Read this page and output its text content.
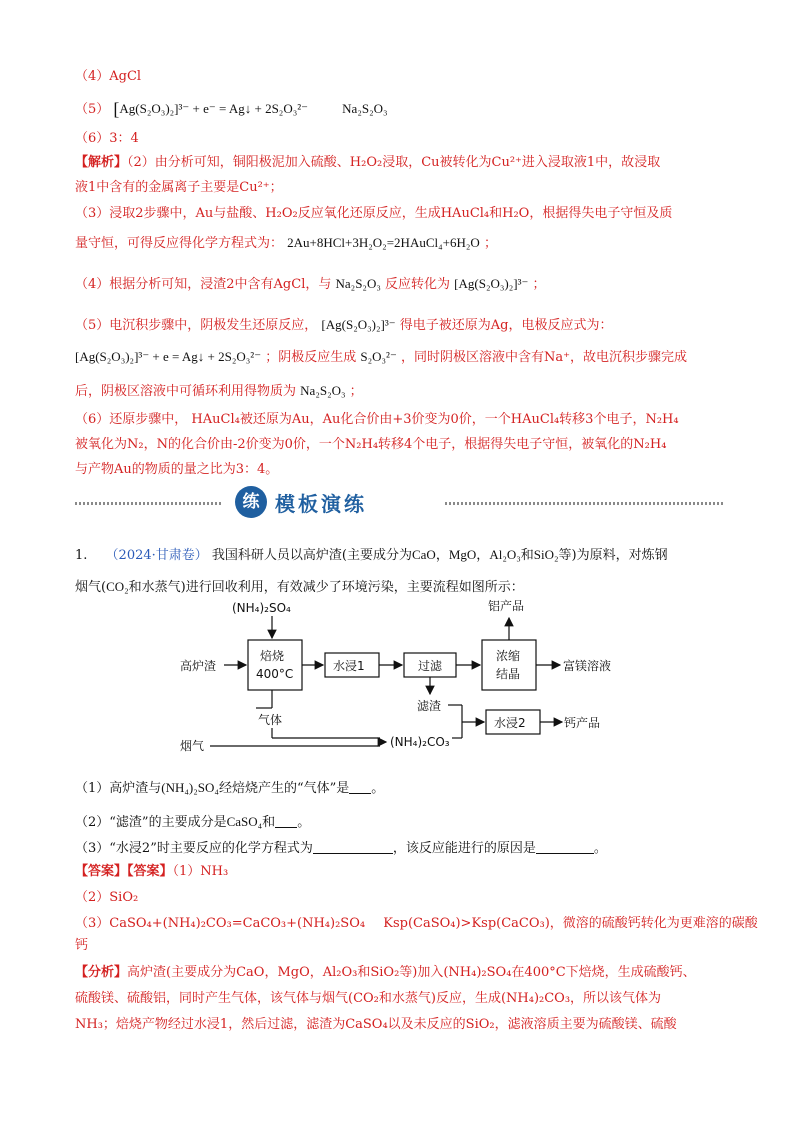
（4）AgCl
（5） [Ag(S₂O₃)₂]³⁻ + e⁻ = Ag↓ + 2S₂O₃²⁻	Na₂S₂O₃
（6）3：4
【解析】（2）由分析可知，铜阳极泥加入硫酸、H₂O₂浸取，Cu被转化为Cu²⁺进入浸取液1中，故浸取
液1中含有的金属离子主要是Cu²⁺；
（3）浸取2步骤中，Au与盐酸、H₂O₂反应氧化还原反应，生成HAuCl₄和H₂O，根据得失电子守恒及质
量守恒，可得反应得化学方程式为： 2Au+8HCl+3H₂O₂=2HAuCl₄+6H₂O ；
（4）根据分析可知，浸渣2中含有AgCl，与 Na₂S₂O₃ 反应转化为 [Ag(S₂O₃)₂]³⁻ ；
（5）电沉积步骤中，阴极发生还原反应， [Ag(S₂O₃)₂]³⁻ 得电子被还原为Ag，电极反应式为：
[Ag(S₂O₃)₂]³⁻ + e = Ag↓ + 2S₂O₃²⁻ ；阴极反应生成 S₂O₃²⁻ ，同时阴极区溶液中含有Na⁺，故电沉积步骤完成
后，阴极区溶液中可循环利用得物质为 Na₂S₂O₃ ；
（6）还原步骤中， HAuCl₄被还原为Au，Au化合价由+3价变为0价，一个HAuCl₄转移3个电子，N₂H₄
被氧化为N₂，N的化合价由-2价变为0价，一个N₂H₄转移4个电子，根据得失电子守恒，被氧化的N₂H₄
与产物Au的物质的量之比为3：4。
练 模板演练
1. （2024·甘肃卷） 我国科研人员以高炉渣(主要成分为CaO，MgO，Al₂O₃和SiO₂等)为原料，对炼钢
烟气(CO₂和水蒸气)进行回收利用，有效减少了环境污染，主要流程如图所示：
(NH₄)₂SO₄
高炉渣
焙烧
400°C
水浸1	过滤
浓缩
结晶
铝产品
富镁溶液
气体
滤渣
水浸2	钙产品
烟气	(NH₄)₂CO₃
（1）高炉渣与(NH₄)₂SO₄经焙烧产生的“气体”是 。
（2）“滤渣”的主要成分是CaSO₄和 。
（3）“水浸2”时主要反应的化学方程式为	，该反应能进行的原因是	。
【答案】【答案】（1）NH₃
（2）SiO₂
（3）CaSO₄+(NH₄)₂CO₃=CaCO₃+(NH₄)₂SO₄ Ksp(CaSO₄)>Ksp(CaCO₃)，微溶的硫酸钙转化为更难溶的碳酸
钙
【分析】高炉渣(主要成分为CaO，MgO，Al₂O₃和SiO₂等)加入(NH₄)₂SO₄在400°C下焙烧，生成硫酸钙、
硫酸镁、硫酸铝，同时产生气体，该气体与烟气(CO₂和水蒸气)反应，生成(NH₄)₂CO₃，所以该气体为
NH₃；焙烧产物经过水浸1，然后过滤，滤渣为CaSO₄以及未反应的SiO₂，滤液溶质主要为硫酸镁、硫酸
